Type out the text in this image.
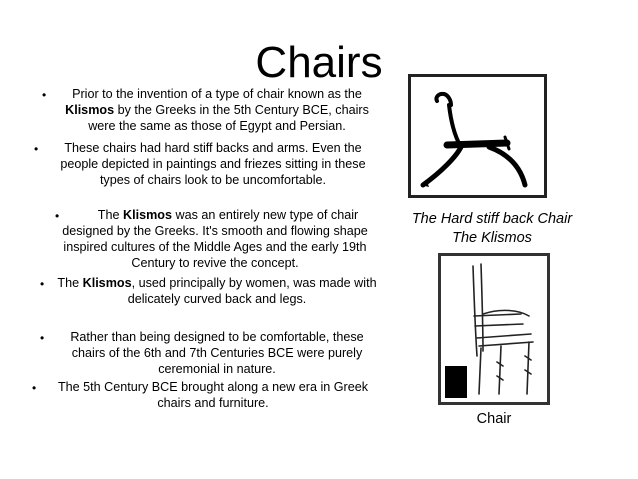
Chairs
•	Prior to the invention of a type of chair known as the Klismos by the Greeks in the 5th Century BCE, chairs were the same as those of Egypt and Persian.
•	These chairs had hard stiff backs and arms. Even the people depicted in paintings and friezes sitting in these types of chairs look to be uncomfortable.
•	The Klismos was an entirely new type of chair designed by the Greeks. It's smooth and flowing shape inspired cultures of the Middle Ages and the early 19th Century to revive the concept.
•	The Klismos, used principally by women, was made with delicately curved back and legs.
•	Rather than being designed to be comfortable, these chairs of the 6th and 7th Centuries BCE were purely ceremonial in nature.
•	The 5th Century BCE brought along a new era in Greek chairs and furniture.
The Hard stiff back Chair
The Klismos
Chair
